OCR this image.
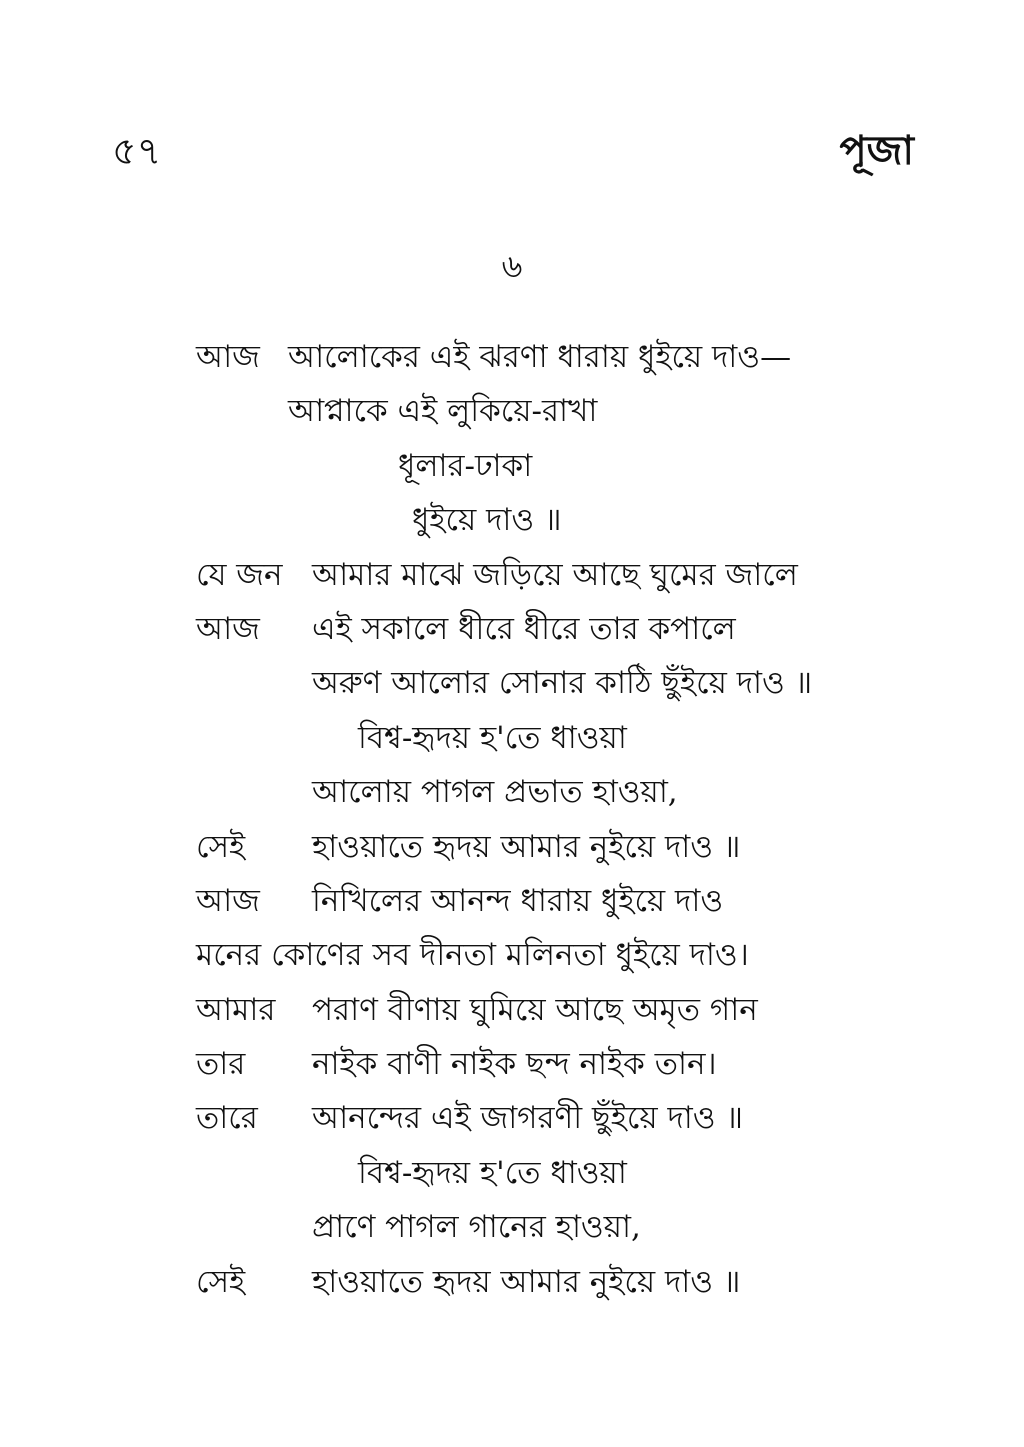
৫৭	পূজা
৬
আজ আলোকের এই ঝরণা ধারায় ধুইয়ে দাও—
আপ্নাকে এই লুকিয়ে-রাখা
ধূলার-ঢাকা
ধুইয়ে দাও ॥
যে জন আমার মাঝে জড়িয়ে আছে ঘুমের জালে
আজ এই সকালে ধীরে ধীরে তার কপালে
অরুণ আলোর সোনার কাঠি ছুঁইয়ে দাও ॥
বিশ্ব-হৃদয় হ'তে ধাওয়া
আলোয় পাগল প্রভাত হাওয়া,
সেই হাওয়াতে হৃদয় আমার নুইয়ে দাও ॥
আজ নিখিলের আনন্দ ধারায় ধুইয়ে দাও
মনের কোণের সব দীনতা মলিনতা ধুইয়ে দাও।
আমার পরাণ বীণায় ঘুমিয়ে আছে অমৃত গান
তার নাইক বাণী নাইক ছন্দ নাইক তান।
তারে আনন্দের এই জাগরণী ছুঁইয়ে দাও ॥
বিশ্ব-হৃদয় হ'তে ধাওয়া
প্রাণে পাগল গানের হাওয়া,
সেই হাওয়াতে হৃদয় আমার নুইয়ে দাও ॥
